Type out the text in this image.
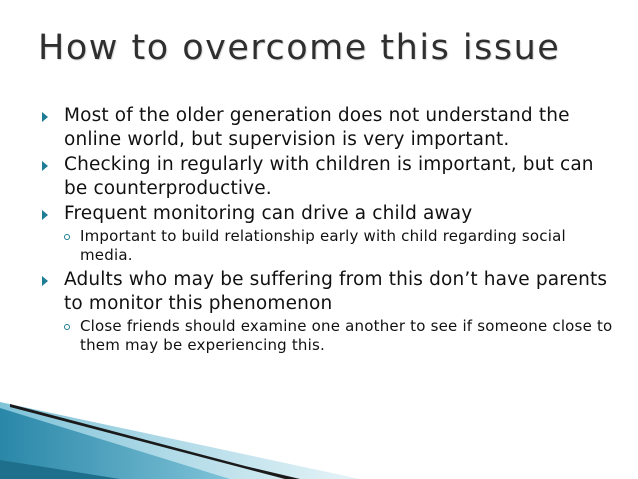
How to overcome this issue
Most of the older generation does not understand the online world, but supervision is very important.
Checking in regularly with children is important, but can be counterproductive.
Frequent monitoring can drive a child away
Important to build relationship early with child regarding social media.
Adults who may be suffering from this don’t have parents to monitor this phenomenon
Close friends should examine one another to see if someone close to them may be experiencing this.
